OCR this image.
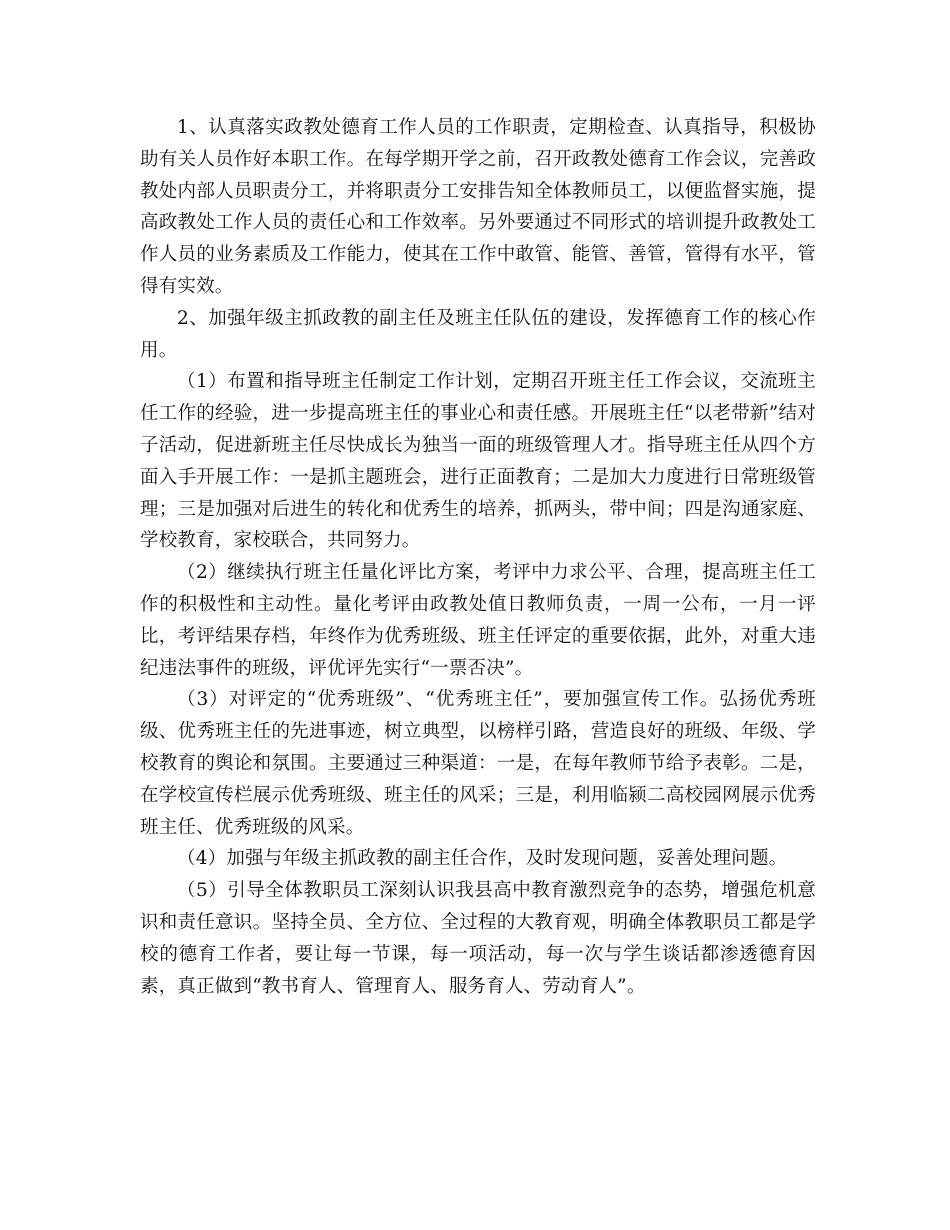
1、认真落实政教处德育工作人员的工作职责，定期检查、认真指导，积极协助有关人员作好本职工作。在每学期开学之前，召开政教处德育工作会议，完善政教处内部人员职责分工，并将职责分工安排告知全体教师员工，以便监督实施，提高政教处工作人员的责任心和工作效率。另外要通过不同形式的培训提升政教处工作人员的业务素质及工作能力，使其在工作中敢管、能管、善管，管得有水平，管得有实效。

2、加强年级主抓政教的副主任及班主任队伍的建设，发挥德育工作的核心作用。

（1）布置和指导班主任制定工作计划，定期召开班主任工作会议，交流班主任工作的经验，进一步提高班主任的事业心和责任感。开展班主任“以老带新”结对子活动，促进新班主任尽快成长为独当一面的班级管理人才。指导班主任从四个方面入手开展工作：一是抓主题班会，进行正面教育；二是加大力度进行日常班级管理；三是加强对后进生的转化和优秀生的培养，抓两头，带中间；四是沟通家庭、学校教育，家校联合，共同努力。

（2）继续执行班主任量化评比方案，考评中力求公平、合理，提高班主任工作的积极性和主动性。量化考评由政教处值日教师负责，一周一公布，一月一评比，考评结果存档，年终作为优秀班级、班主任评定的重要依据，此外，对重大违纪违法事件的班级，评优评先实行“一票否决”。

（3）对评定的“优秀班级”、“优秀班主任”，要加强宣传工作。弘扬优秀班级、优秀班主任的先进事迹，树立典型，以榜样引路，营造良好的班级、年级、学校教育的舆论和氛围。主要通过三种渠道：一是，在每年教师节给予表彰。二是，在学校宣传栏展示优秀班级、班主任的风采；三是，利用临颍二高校园网展示优秀班主任、优秀班级的风采。

（4）加强与年级主抓政教的副主任合作，及时发现问题，妥善处理问题。

（5）引导全体教职员工深刻认识我县高中教育激烈竞争的态势，增强危机意识和责任意识。坚持全员、全方位、全过程的大教育观，明确全体教职员工都是学校的德育工作者，要让每一节课，每一项活动，每一次与学生谈话都渗透德育因素，真正做到“教书育人、管理育人、服务育人、劳动育人”。
